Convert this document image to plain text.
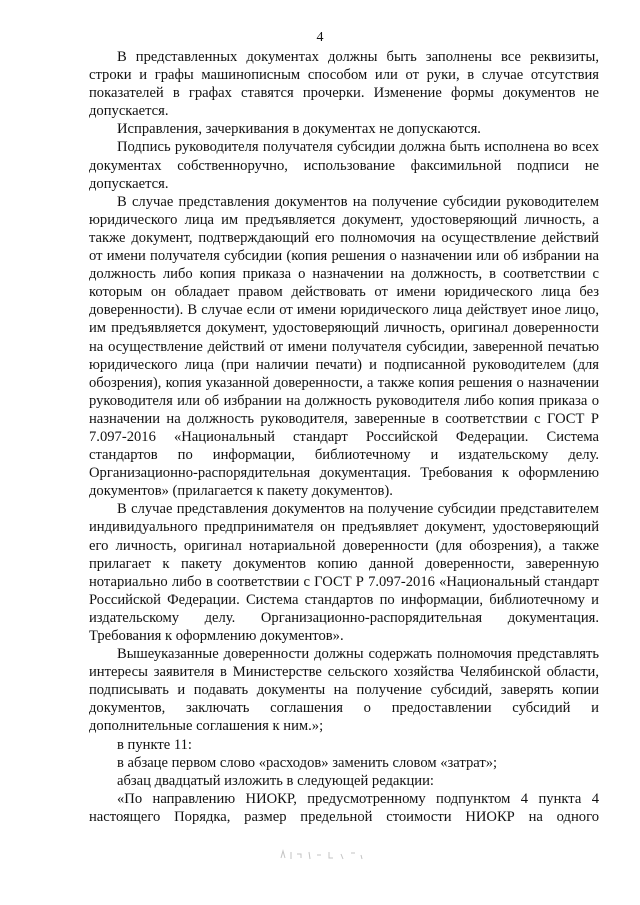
4

В представленных документах должны быть заполнены все реквизиты, строки и графы машинописным способом или от руки, в случае отсутствия показателей в графах ставятся прочерки. Изменение формы документов не допускается.

Исправления, зачеркивания в документах не допускаются.

Подпись руководителя получателя субсидии должна быть исполнена во всех документах собственноручно, использование факсимильной подписи не допускается.

В случае представления документов на получение субсидии руководителем юридического лица им предъявляется документ, удостоверяющий личность, а также документ, подтверждающий его полномочия на осуществление действий от имени получателя субсидии (копия решения о назначении или об избрании на должность либо копия приказа о назначении на должность, в соответствии с которым он обладает правом действовать от имени юридического лица без доверенности). В случае если от имени юридического лица действует иное лицо, им предъявляется документ, удостоверяющий личность, оригинал доверенности на осуществление действий от имени получателя субсидии, заверенной печатью юридического лица (при наличии печати) и подписанной руководителем (для обозрения), копия указанной доверенности, а также копия решения о назначении руководителя или об избрании на должность руководителя либо копия приказа о назначении на должность руководителя, заверенные в соответствии с ГОСТ Р 7.097-2016 «Национальный стандарт Российской Федерации. Система стандартов по информации, библиотечному и издательскому делу. Организационно-распорядительная документация. Требования к оформлению документов» (прилагается к пакету документов).

В случае представления документов на получение субсидии представителем индивидуального предпринимателя он предъявляет документ, удостоверяющий его личность, оригинал нотариальной доверенности (для обозрения), а также прилагает к пакету документов копию данной доверенности, заверенную нотариально либо в соответствии с ГОСТ Р 7.097-2016 «Национальный стандарт Российской Федерации. Система стандартов по информации, библиотечному и издательскому делу. Организационно-распорядительная документация. Требования к оформлению документов».

Вышеуказанные доверенности должны содержать полномочия представлять интересы заявителя в Министерстве сельского хозяйства Челябинской области, подписывать и подавать документы на получение субсидий, заверять копии документов, заключать соглашения о предоставлении субсидий и дополнительные соглашения к ним.»;

в пункте 11:

в абзаце первом слово «расходов» заменить словом «затрат»;

абзац двадцатый изложить в следующей редакции:

«По направлению НИОКР, предусмотренному подпунктом 4 пункта 4 настоящего Порядка, размер предельной стоимости НИОКР на одного
